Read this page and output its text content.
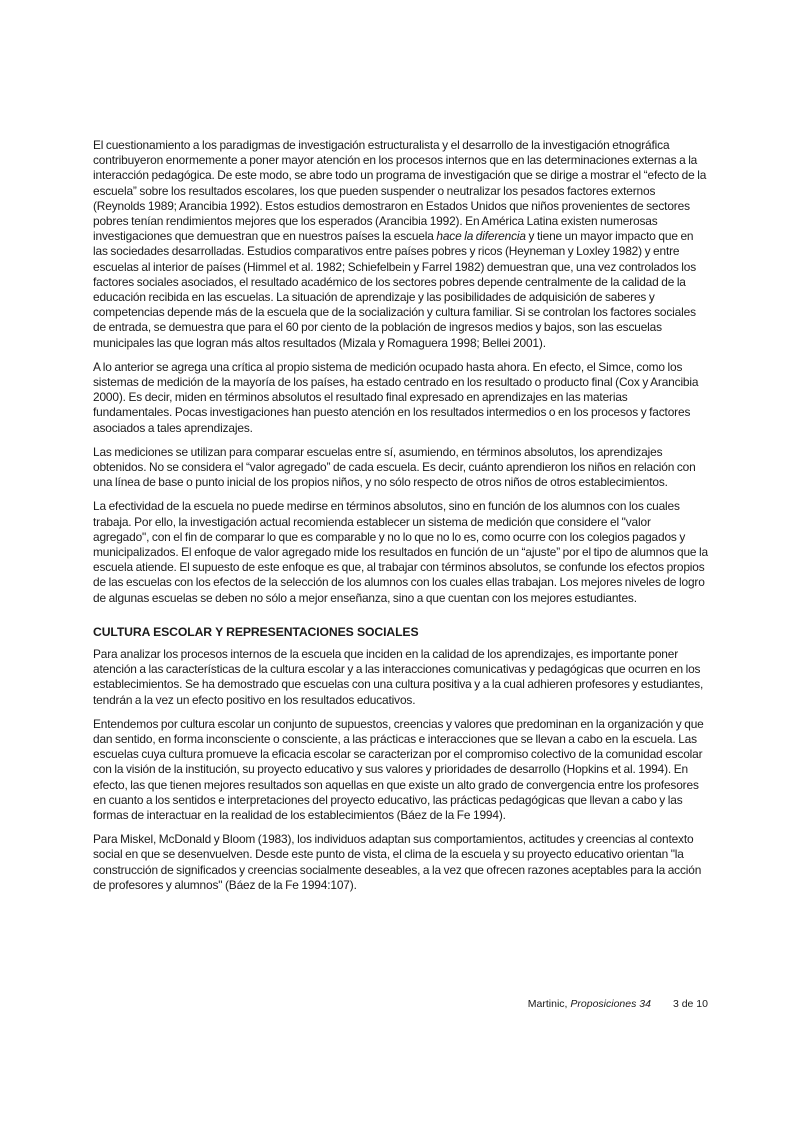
El cuestionamiento a los paradigmas de investigación estructuralista y el desarrollo de la investigación etnográfica contribuyeron enormemente a poner mayor atención en los procesos internos que en las determinaciones externas a la interacción pedagógica. De este modo, se abre todo un programa de investigación que se dirige a mostrar el “efecto de la escuela” sobre los resultados escolares, los que pueden suspender o neutralizar los pesados factores externos (Reynolds 1989; Arancibia 1992). Estos estudios demostraron en Estados Unidos que niños provenientes de sectores pobres tenían rendimientos mejores que los esperados (Arancibia 1992). En América Latina existen numerosas investigaciones que demuestran que en nuestros países la escuela hace la diferencia y tiene un mayor impacto que en las sociedades desarrolladas. Estudios comparativos entre países pobres y ricos (Heyneman y Loxley 1982) y entre escuelas al interior de países (Himmel et al. 1982; Schiefelbein y Farrel 1982) demuestran que, una vez controlados los factores sociales asociados, el resultado académico de los sectores pobres depende centralmente de la calidad de la educación recibida en las escuelas. La situación de aprendizaje y las posibilidades de adquisición de saberes y competencias depende más de la escuela que de la socialización y cultura familiar. Si se controlan los factores sociales de entrada, se demuestra que para el 60 por ciento de la población de ingresos medios y bajos, son las escuelas municipales las que logran más altos resultados (Mizala y Romaguera 1998; Bellei 2001).

A lo anterior se agrega una crítica al propio sistema de medición ocupado hasta ahora. En efecto, el Simce, como los sistemas de medición de la mayoría de los países, ha estado centrado en los resultado o producto final (Cox y Arancibia 2000). Es decir, miden en términos absolutos el resultado final expresado en aprendizajes en las materias fundamentales. Pocas investigaciones han puesto atención en los resultados intermedios o en los procesos y factores asociados a tales aprendizajes.

Las mediciones se utilizan para comparar escuelas entre sí, asumiendo, en términos absolutos, los aprendizajes obtenidos. No se considera el “valor agregado” de cada escuela. Es decir, cuánto aprendieron los niños en relación con una línea de base o punto inicial de los propios niños, y no sólo respecto de otros niños de otros establecimientos.

La efectividad de la escuela no puede medirse en términos absolutos, sino en función de los alumnos con los cuales trabaja. Por ello, la investigación actual recomienda establecer un sistema de medición que considere el "valor agregado", con el fin de comparar lo que es comparable y no lo que no lo es, como ocurre con los colegios pagados y municipalizados. El enfoque de valor agregado mide los resultados en función de un “ajuste” por el tipo de alumnos que la escuela atiende. El supuesto de este enfoque es que, al trabajar con términos absolutos, se confunde los efectos propios de las escuelas con los efectos de la selección de los alumnos con los cuales ellas trabajan. Los mejores niveles de logro de algunas escuelas se deben no sólo a mejor enseñanza, sino a que cuentan con los mejores estudiantes.

CULTURA ESCOLAR Y REPRESENTACIONES SOCIALES

Para analizar los procesos internos de la escuela que inciden en la calidad de los aprendizajes, es importante poner atención a las características de la cultura escolar y a las interacciones comunicativas y pedagógicas que ocurren en los establecimientos. Se ha demostrado que escuelas con una cultura positiva y a la cual adhieren profesores y estudiantes, tendrán a la vez un efecto positivo en los resultados educativos.

Entendemos por cultura escolar un conjunto de supuestos, creencias y valores que predominan en la organización y que dan sentido, en forma inconsciente o consciente, a las prácticas e interacciones que se llevan a cabo en la escuela. Las escuelas cuya cultura promueve la eficacia escolar se caracterizan por el compromiso colectivo de la comunidad escolar con la visión de la institución, su proyecto educativo y sus valores y prioridades de desarrollo (Hopkins et al. 1994). En efecto, las que tienen mejores resultados son aquellas en que existe un alto grado de convergencia entre los profesores en cuanto a los sentidos e interpretaciones del proyecto educativo, las prácticas pedagógicas que llevan a cabo y las formas de interactuar en la realidad de los establecimientos (Báez de la Fe 1994).

Para Miskel, McDonald y Bloom (1983), los individuos adaptan sus comportamientos, actitudes y creencias al contexto social en que se desenvuelven. Desde este punto de vista, el clima de la escuela y su proyecto educativo orientan "la construcción de significados y creencias socialmente deseables, a la vez que ofrecen razones aceptables para la acción de profesores y alumnos" (Báez de la Fe 1994:107).

Martinic, Proposiciones 34 3 de 10
